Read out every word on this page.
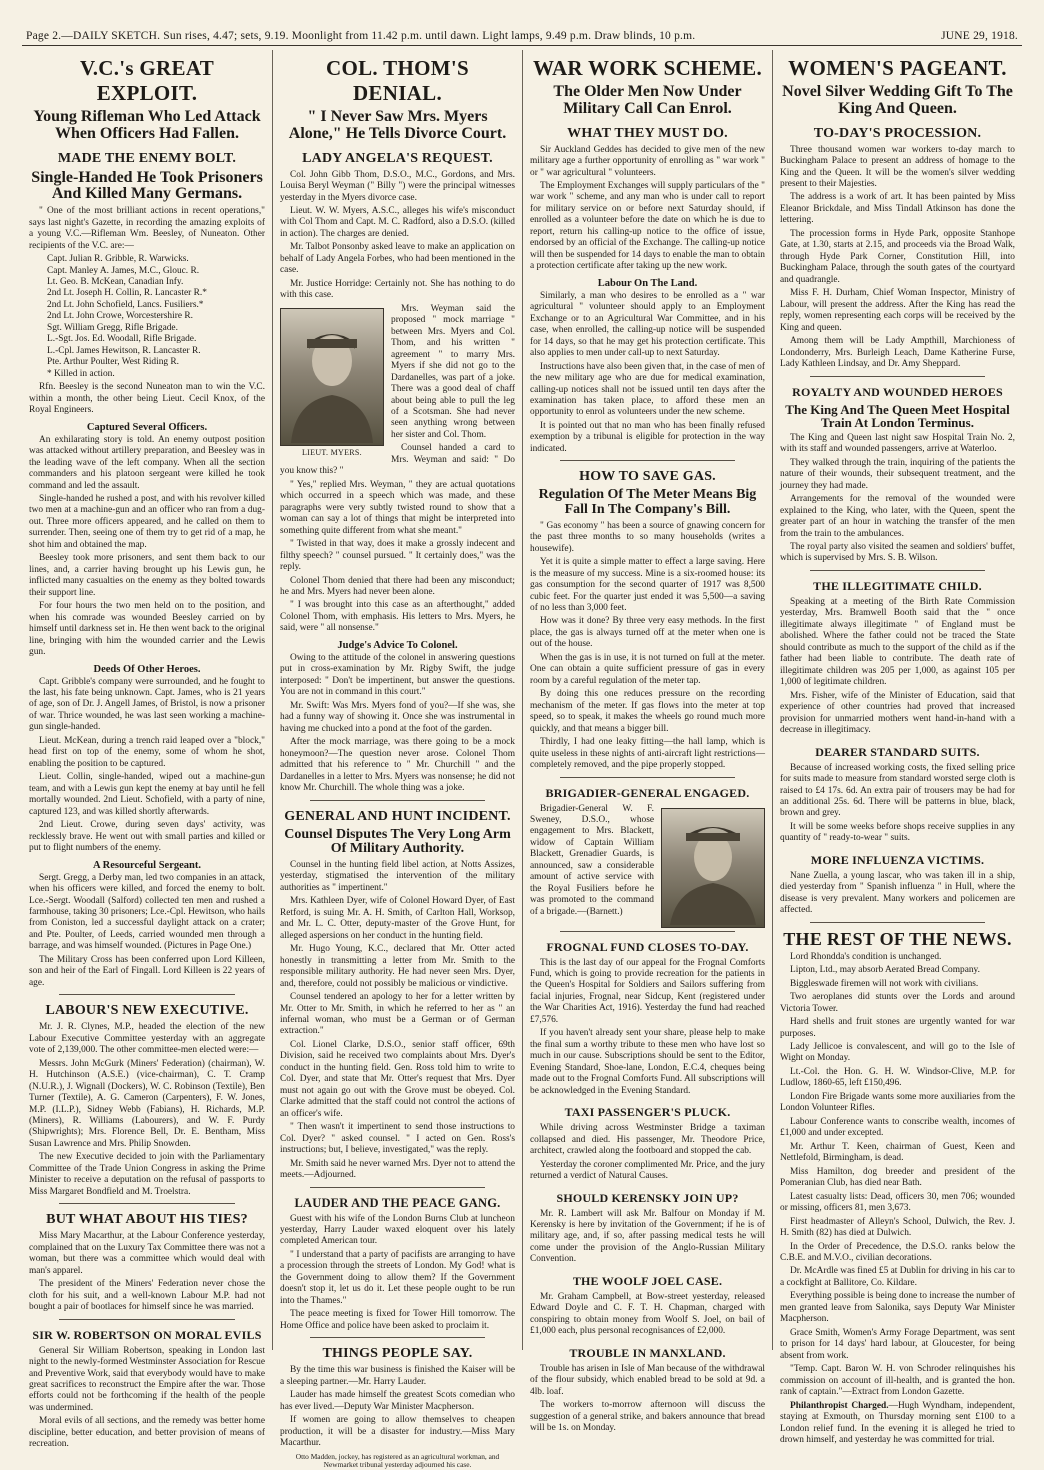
Page 2.—DAILY SKETCH. Sun rises, 4.47; sets, 9.19. Moonlight from 11.42 p.m. until dawn. Light lamps, 9.49 p.m. Draw blinds, 10 p.m.	JUNE 29, 1918.
V.C.'s GREAT EXPLOIT.
Young Rifleman Who Led Attack When Officers Had Fallen.
MADE THE ENEMY BOLT.
Single-Handed He Took Prisoners And Killed Many Germans.

" One of the most brilliant actions in recent operations," says last night's Gazette, in recording the amazing exploits of a young V.C.—Rifleman Wm. Beesley, of Nuneaton. Other recipients of the V.C. are:—

Capt. Julian R. Gribble, R. Warwicks.
Capt. Manley A. James, M.C., Glouc. R.
Lt. Geo. B. McKean, Canadian Infy.
2nd Lt. Joseph H. Collin, R. Lancaster R.*
2nd Lt. John Schofield, Lancs. Fusiliers.*
2nd Lt. John Crowe, Worcestershire R.
Sgt. William Gregg, Rifle Brigade.
L.-Sgt. Jos. Ed. Woodall, Rifle Brigade.
L.-Cpl. James Hewitson, R. Lancaster R.
Pte. Arthur Poulter, West Riding R.
* Killed in action.

Rfn. Beesley is the second Nuneaton man to win the V.C. within a month, the other being Lieut. Cecil Knox, of the Royal Engineers.

Captured Several Officers.

An exhilarating story is told. An enemy outpost position was attacked without artillery preparation, and Beesley was in the leading wave of the left company. When all the section commanders and his platoon sergeant were killed he took command and led the assault.

Single-handed he rushed a post, and with his revolver killed two men at a machine-gun and an officer who ran from a dug-out. Three more officers appeared, and he called on them to surrender. Then, seeing one of them try to get rid of a map, he shot him and obtained the map.

Beesley took more prisoners, and sent them back to our lines, and, a carrier having brought up his Lewis gun, he inflicted many casualties on the enemy as they bolted towards their support line.

For four hours the two men held on to the position, and when his comrade was wounded Beesley carried on by himself until darkness set in. He then went back to the original line, bringing with him the wounded carrier and the Lewis gun.

Deeds Of Other Heroes.

Capt. Gribble's company were surrounded, and he fought to the last, his fate being unknown. Capt. James, who is 21 years of age, son of Dr. J. Angell James, of Bristol, is now a prisoner of war. Thrice wounded, he was last seen working a machine-gun single-handed.

Lieut. McKean, during a trench raid leaped over a "block," head first on top of the enemy, some of whom he shot, enabling the position to be captured.

Lieut. Collin, single-handed, wiped out a machine-gun team, and with a Lewis gun kept the enemy at bay until he fell mortally wounded. 2nd Lieut. Schofield, with a party of nine, captured 123, and was killed shortly afterwards.

2nd Lieut. Crowe, during seven days' activity, was recklessly brave. He went out with small parties and killed or put to flight numbers of the enemy.

A Resourceful Sergeant.

Sergt. Gregg, a Derby man, led two companies in an attack, when his officers were killed, and forced the enemy to bolt. Lce.-Sergt. Woodall (Salford) collected ten men and rushed a farmhouse, taking 30 prisoners; Lce.-Cpl. Hewitson, who hails from Coniston, led a successful daylight attack on a crater; and Pte. Poulter, of Leeds, carried wounded men through a barrage, and was himself wounded. (Pictures in Page One.)

The Military Cross has been conferred upon Lord Killeen, son and heir of the Earl of Fingall. Lord Killeen is 22 years of age.

LABOUR'S NEW EXECUTIVE.

Mr. J. R. Clynes, M.P., headed the election of the new Labour Executive Committee yesterday with an aggregate vote of 2,139,000. The other committee-men elected were:—

Messrs. John McGurk (Miners' Federation) (chairman), W. H. Hutchinson (A.S.E.) (vice-chairman), C. T. Cramp (N.U.R.), J. Wignall (Dockers), W. C. Robinson (Textile), Ben Turner (Textile), A. G. Cameron (Carpenters), F. W. Jones, M.P. (I.L.P.), Sidney Webb (Fabians), H. Richards, M.P. (Miners), R. Williams (Labourers), and W. F. Purdy (Shipwrights); Mrs. Florence Bell, Dr. E. Bentham, Miss Susan Lawrence and Mrs. Philip Snowden.

The new Executive decided to join with the Parliamentary Committee of the Trade Union Congress in asking the Prime Minister to receive a deputation on the refusal of passports to Miss Margaret Bondfield and M. Troelstra.

BUT WHAT ABOUT HIS TIES?

Miss Mary Macarthur, at the Labour Conference yesterday, complained that on the Luxury Tax Committee there was not a woman, but there was a committee which would deal with man's apparel.

The president of the Miners' Federation never chose the cloth for his suit, and a well-known Labour M.P. had not bought a pair of bootlaces for himself since he was married.

SIR W. ROBERTSON ON MORAL EVILS

General Sir William Robertson, speaking in London last night to the newly-formed Westminster Association for Rescue and Preventive Work, said that everybody would have to make great sacrifices to reconstruct the Empire after the war. Those efforts could not be forthcoming if the health of the people was undermined.

Moral evils of all sections, and the remedy was better home discipline, better education, and better provision of means of recreation.

COL. THOM'S DENIAL.
" I Never Saw Mrs. Myers Alone," He Tells Divorce Court.
LADY ANGELA'S REQUEST.

Col. John Gibb Thom, D.S.O., M.C., Gordons, and Mrs. Louisa Beryl Weyman (" Billy ") were the principal witnesses yesterday in the Myers divorce case.

Lieut. W. W. Myers, A.S.C., alleges his wife's misconduct with Col Thom and Capt. M. C. Radford, also a D.S.O. (killed in action). The charges are denied.

Mr. Talbot Ponsonby asked leave to make an application on behalf of Lady Angela Forbes, who had been mentioned in the case.

Mr. Justice Horridge: Certainly not. She has nothing to do with this case.

LIEUT. MYERS.

Mrs. Weyman said the proposed " mock marriage " between Mrs. Myers and Col. Thom, and his written " agreement " to marry Mrs. Myers if she did not go to the Dardanelles, was part of a joke. There was a good deal of chaff about being able to pull the leg of a Scotsman. She had never seen anything wrong between her sister and Col. Thom.

Counsel handed a card to Mrs. Weyman and said: " Do you know this? "

" Yes," replied Mrs. Weyman, " they are actual quotations which occurred in a speech which was made, and these paragraphs were very subtly twisted round to show that a woman can say a lot of things that might be interpreted into something quite different from what she meant."

" Twisted in that way, does it make a grossly indecent and filthy speech? " counsel pursued. " It certainly does," was the reply.

Colonel Thom denied that there had been any misconduct; he and Mrs. Myers had never been alone.

" I was brought into this case as an afterthought," added Colonel Thom, with emphasis. His letters to Mrs. Myers, he said, were " all nonsense."

Judge's Advice To Colonel.

Owing to the attitude of the colonel in answering questions put in cross-examination by Mr. Rigby Swift, the judge interposed: " Don't be impertinent, but answer the questions. You are not in command in this court."

Mr. Swift: Was Mrs. Myers fond of you?—If she was, she had a funny way of showing it. Once she was instrumental in having me chucked into a pond at the foot of the garden.

After the mock marriage, was there going to be a mock honeymoon?—The question never arose. Colonel Thom admitted that his reference to " Mr. Churchill " and the Dardanelles in a letter to Mrs. Myers was nonsense; he did not know Mr. Churchill. The whole thing was a joke.

GENERAL AND HUNT INCIDENT.
Counsel Disputes The Very Long Arm Of Military Authority.

Counsel in the hunting field libel action, at Notts Assizes, yesterday, stigmatised the intervention of the military authorities as " impertinent."

Mrs. Kathleen Dyer, wife of Colonel Howard Dyer, of East Retford, is suing Mr. A. H. Smith, of Carlton Hall, Worksop, and Mr. L. C. Otter, deputy-master of the Grove Hunt, for alleged aspersions on her conduct in the hunting field.

Mr. Hugo Young, K.C., declared that Mr. Otter acted honestly in transmitting a letter from Mr. Smith to the responsible military authority. He had never seen Mrs. Dyer, and, therefore, could not possibly be malicious or vindictive.

Counsel tendered an apology to her for a letter written by Mr. Otter to Mr. Smith, in which he referred to her as " an infernal woman, who must be a German or of German extraction."

Col. Lionel Clarke, D.S.O., senior staff officer, 69th Division, said he received two complaints about Mrs. Dyer's conduct in the hunting field. Gen. Ross told him to write to Col. Dyer, and state that Mr. Otter's request that Mrs. Dyer must not again go out with the Grove must be obeyed. Col. Clarke admitted that the staff could not control the actions of an officer's wife.

" Then wasn't it impertinent to send those instructions to Col. Dyer? " asked counsel. " I acted on Gen. Ross's instructions; but, I believe, investigated," was the reply.

Mr. Smith said he never warned Mrs. Dyer not to attend the meets.—Adjourned.

LAUDER AND THE PEACE GANG.

Guest with his wife of the London Burns Club at luncheon yesterday, Harry Lauder waxed eloquent over his lately completed American tour.

" I understand that a party of pacifists are arranging to have a procession through the streets of London. My God! what is the Government doing to allow them? If the Government doesn't stop it, let us do it. Let these people ought to be run into the Thames."

The peace meeting is fixed for Tower Hill tomorrow. The Home Office and police have been asked to proclaim it.

THINGS PEOPLE SAY.

By the time this war business is finished the Kaiser will be a sleeping partner.—Mr. Harry Lauder.

Lauder has made himself the greatest Scots comedian who has ever lived.—Deputy War Minister Macpherson.

If women are going to allow themselves to cheapen production, it will be a disaster for industry.—Miss Mary Macarthur.

Otto Madden, jockey, has registered as an agricultural workman, and Newmarket tribunal yesterday adjourned his case.
WAR WORK SCHEME.
The Older Men Now Under Military Call Can Enrol.
WHAT THEY MUST DO.

Sir Auckland Geddes has decided to give men of the new military age a further opportunity of enrolling as " war work " or " war agricultural " volunteers.

The Employment Exchanges will supply particulars of the " war work " scheme, and any man who is under call to report for military service on or before next Saturday should, if enrolled as a volunteer before the date on which he is due to report, return his calling-up notice to the office of issue, endorsed by an official of the Exchange. The calling-up notice will then be suspended for 14 days to enable the man to obtain a protection certificate after taking up the new work.

Labour On The Land.

Similarly, a man who desires to be enrolled as a " war agricultural " volunteer should apply to an Employment Exchange or to an Agricultural War Committee, and in his case, when enrolled, the calling-up notice will be suspended for 14 days, so that he may get his protection certificate. This also applies to men under call-up to next Saturday.

Instructions have also been given that, in the case of men of the new military age who are due for medical examination, calling-up notices shall not be issued until ten days after the examination has taken place, to afford these men an opportunity to enrol as volunteers under the new scheme.

It is pointed out that no man who has been finally refused exemption by a tribunal is eligible for protection in the way indicated.

HOW TO SAVE GAS.
Regulation Of The Meter Means Big Fall In The Company's Bill.

" Gas economy " has been a source of gnawing concern for the past three months to so many households (writes a housewife).

Yet it is quite a simple matter to effect a large saving. Here is the measure of my success. Mine is a six-roomed house: its gas consumption for the second quarter of 1917 was 8,500 cubic feet. For the quarter just ended it was 5,500—a saving of no less than 3,000 feet.

How was it done? By three very easy methods. In the first place, the gas is always turned off at the meter when one is out of the house.

When the gas is in use, it is not turned on full at the meter. One can obtain a quite sufficient pressure of gas in every room by a careful regulation of the meter tap.

By doing this one reduces pressure on the recording mechanism of the meter. If gas flows into the meter at top speed, so to speak, it makes the wheels go round much more quickly, and that means a bigger bill.

Thirdly, I had one leaky fitting—the hall lamp, which is quite useless in these nights of anti-aircraft light restrictions—completely removed, and the pipe properly stopped.

BRIGADIER-GENERAL ENGAGED.

Brigadier-General W. F. Sweney, D.S.O., whose engagement to Mrs. Blackett, widow of Captain William Blackett, Grenadier Guards, is announced, saw a considerable amount of active service with the Royal Fusiliers before he was promoted to the command of a brigade.—(Barnett.)

FROGNAL FUND CLOSES TO-DAY.

This is the last day of our appeal for the Frognal Comforts Fund, which is going to provide recreation for the patients in the Queen's Hospital for Soldiers and Sailors suffering from facial injuries, Frognal, near Sidcup, Kent (registered under the War Charities Act, 1916). Yesterday the fund had reached £7,576.

If you haven't already sent your share, please help to make the final sum a worthy tribute to these men who have lost so much in our cause. Subscriptions should be sent to the Editor, Evening Standard, Shoe-lane, London, E.C.4, cheques being made out to the Frognal Comforts Fund. All subscriptions will be acknowledged in the Evening Standard.

TAXI PASSENGER'S PLUCK.

While driving across Westminster Bridge a taximan collapsed and died. His passenger, Mr. Theodore Price, architect, crawled along the footboard and stopped the cab.

Yesterday the coroner complimented Mr. Price, and the jury returned a verdict of Natural Causes.

SHOULD KERENSKY JOIN UP?

Mr. R. Lambert will ask Mr. Balfour on Monday if M. Kerensky is here by invitation of the Government; if he is of military age, and, if so, after passing medical tests he will come under the provision of the Anglo-Russian Military Convention.

THE WOOLF JOEL CASE.

Mr. Graham Campbell, at Bow-street yesterday, released Edward Doyle and C. F. T. H. Chapman, charged with conspiring to obtain money from Woolf S. Joel, on bail of £1,000 each, plus personal recognisances of £2,000.

TROUBLE IN MANXLAND.

Trouble has arisen in Isle of Man because of the withdrawal of the flour subsidy, which enabled bread to be sold at 9d. a 4lb. loaf.

The workers to-morrow afternoon will discuss the suggestion of a general strike, and bakers announce that bread will be 1s. on Monday.

WOMEN'S PAGEANT.
Novel Silver Wedding Gift To The King And Queen.
TO-DAY'S PROCESSION.

Three thousand women war workers to-day march to Buckingham Palace to present an address of homage to the King and the Queen. It will be the women's silver wedding present to their Majesties.

The address is a work of art. It has been painted by Miss Eleanor Brickdale, and Miss Tindall Atkinson has done the lettering.

The procession forms in Hyde Park, opposite Stanhope Gate, at 1.30, starts at 2.15, and proceeds via the Broad Walk, through Hyde Park Corner, Constitution Hill, into Buckingham Palace, through the south gates of the courtyard and quadrangle.

Miss F. H. Durham, Chief Woman Inspector, Ministry of Labour, will present the address. After the King has read the reply, women representing each corps will be received by the King and queen.

Among them will be Lady Ampthill, Marchioness of Londonderry, Mrs. Burleigh Leach, Dame Katherine Furse, Lady Kathleen Lindsay, and Dr. Amy Sheppard.

ROYALTY AND WOUNDED HEROES
The King And The Queen Meet Hospital Train At London Terminus.

The King and Queen last night saw Hospital Train No. 2, with its staff and wounded passengers, arrive at Waterloo.

They walked through the train, inquiring of the patients the nature of their wounds, their subsequent treatment, and the journey they had made.

Arrangements for the removal of the wounded were explained to the King, who later, with the Queen, spent the greater part of an hour in watching the transfer of the men from the train to the ambulances.

The royal party also visited the seamen and soldiers' buffet, which is supervised by Mrs. S. B. Wilson.

THE ILLEGITIMATE CHILD.

Speaking at a meeting of the Birth Rate Commission yesterday, Mrs. Bramwell Booth said that the " once illegitimate always illegitimate " of England must be abolished. Where the father could not be traced the State should contribute as much to the support of the child as if the father had been liable to contribute. The death rate of illegitimate children was 205 per 1,000, as against 105 per 1,000 of legitimate children.

Mrs. Fisher, wife of the Minister of Education, said that experience of other countries had proved that increased provision for unmarried mothers went hand-in-hand with a decrease in illegitimacy.

DEARER STANDARD SUITS.

Because of increased working costs, the fixed selling price for suits made to measure from standard worsted serge cloth is raised to £4 17s. 6d. An extra pair of trousers may be had for an additional 25s. 6d. There will be patterns in blue, black, brown and grey.

It will be some weeks before shops receive supplies in any quantity of " ready-to-wear " suits.

MORE INFLUENZA VICTIMS.

Nane Zuella, a young lascar, who was taken ill in a ship, died yesterday from " Spanish influenza " in Hull, where the disease is very prevalent. Many workers and policemen are affected.

THE REST OF THE NEWS.

Lord Rhondda's condition is unchanged.

Lipton, Ltd., may absorb Aerated Bread Company.

Biggleswade firemen will not work with civilians.

Two aeroplanes did stunts over the Lords and around Victoria Tower.

Hard shells and fruit stones are urgently wanted for war purposes.

Lady Jellicoe is convalescent, and will go to the Isle of Wight on Monday.

Lt.-Col. the Hon. G. H. W. Windsor-Clive, M.P. for Ludlow, 1860-65, left £150,496.

London Fire Brigade wants some more auxiliaries from the London Volunteer Rifles.

Labour Conference wants to conscribe wealth, incomes of £1,000 and under excepted.

Mr. Arthur T. Keen, chairman of Guest, Keen and Nettlefold, Birmingham, is dead.

Miss Hamilton, dog breeder and president of the Pomeranian Club, has died near Bath.

Latest casualty lists: Dead, officers 30, men 706; wounded or missing, officers 81, men 3,673.

First headmaster of Alleyn's School, Dulwich, the Rev. J. H. Smith (82) has died at Dulwich.

In the Order of Precedence, the D.S.O. ranks below the C.B.E. and M.V.O., civilian decorations.

Dr. McArdle was fined £5 at Dublin for driving in his car to a cockfight at Ballitore, Co. Kildare.

Everything possible is being done to increase the number of men granted leave from Salonika, says Deputy War Minister Macpherson.

Grace Smith, Women's Army Forage Department, was sent to prison for 14 days' hard labour, at Gloucester, for being absent from work.

"Temp. Capt. Baron W. H. von Schroder relinquishes his commission on account of ill-health, and is granted the hon. rank of captain."—Extract from London Gazette.

Philanthropist Charged.—Hugh Wyndham, independent, staying at Exmouth, on Thursday morning sent £100 to a London relief fund. In the evening it is alleged he tried to drown himself, and yesterday he was committed for trial.
